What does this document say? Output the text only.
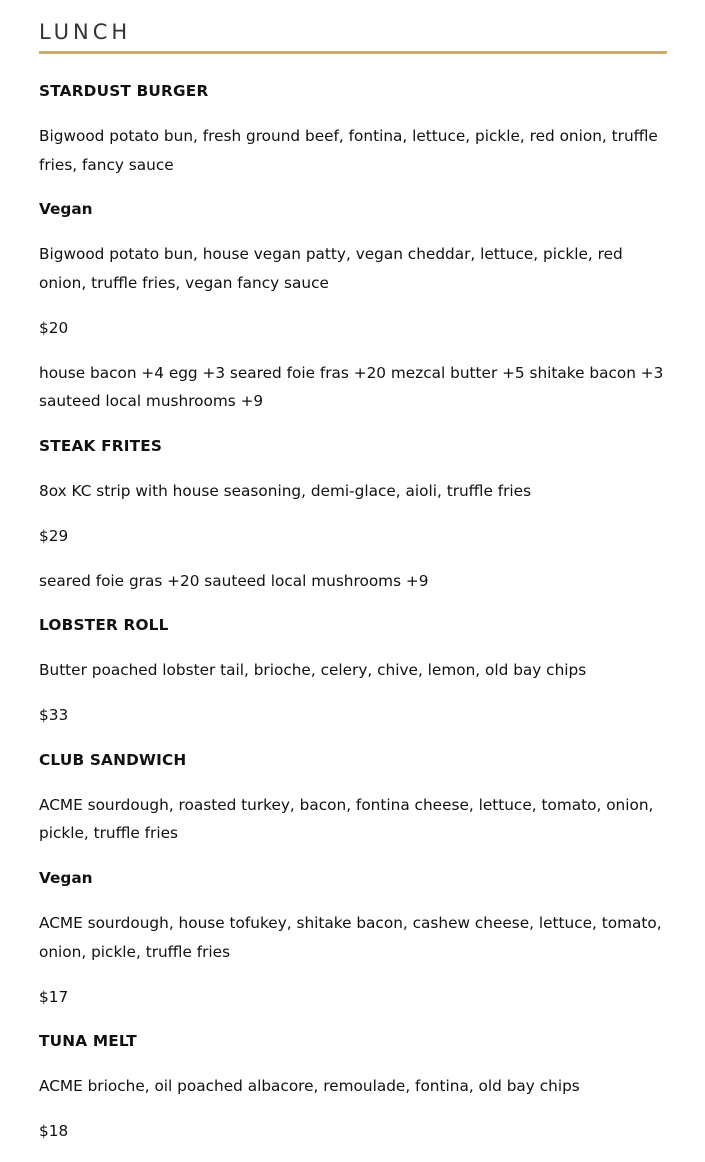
LUNCH

STARDUST BURGER

Bigwood potato bun, fresh ground beef, fontina, lettuce, pickle, red onion, truffle fries, fancy sauce

Vegan

Bigwood potato bun, house vegan patty, vegan cheddar, lettuce, pickle, red onion, truffle fries, vegan fancy sauce

$20

house bacon +4 egg +3 seared foie fras +20 mezcal butter +5 shitake bacon +3 sauteed local mushrooms +9

STEAK FRITES

8ox KC strip with house seasoning, demi-glace, aioli, truffle fries

$29

seared foie gras +20 sauteed local mushrooms +9

LOBSTER ROLL

Butter poached lobster tail, brioche, celery, chive, lemon, old bay chips

$33

CLUB SANDWICH

ACME sourdough, roasted turkey, bacon, fontina cheese, lettuce, tomato, onion, pickle, truffle fries

Vegan

ACME sourdough, house tofukey, shitake bacon, cashew cheese, lettuce, tomato, onion, pickle, truffle fries

$17

TUNA MELT

ACME brioche, oil poached albacore, remoulade, fontina, old bay chips

$18
